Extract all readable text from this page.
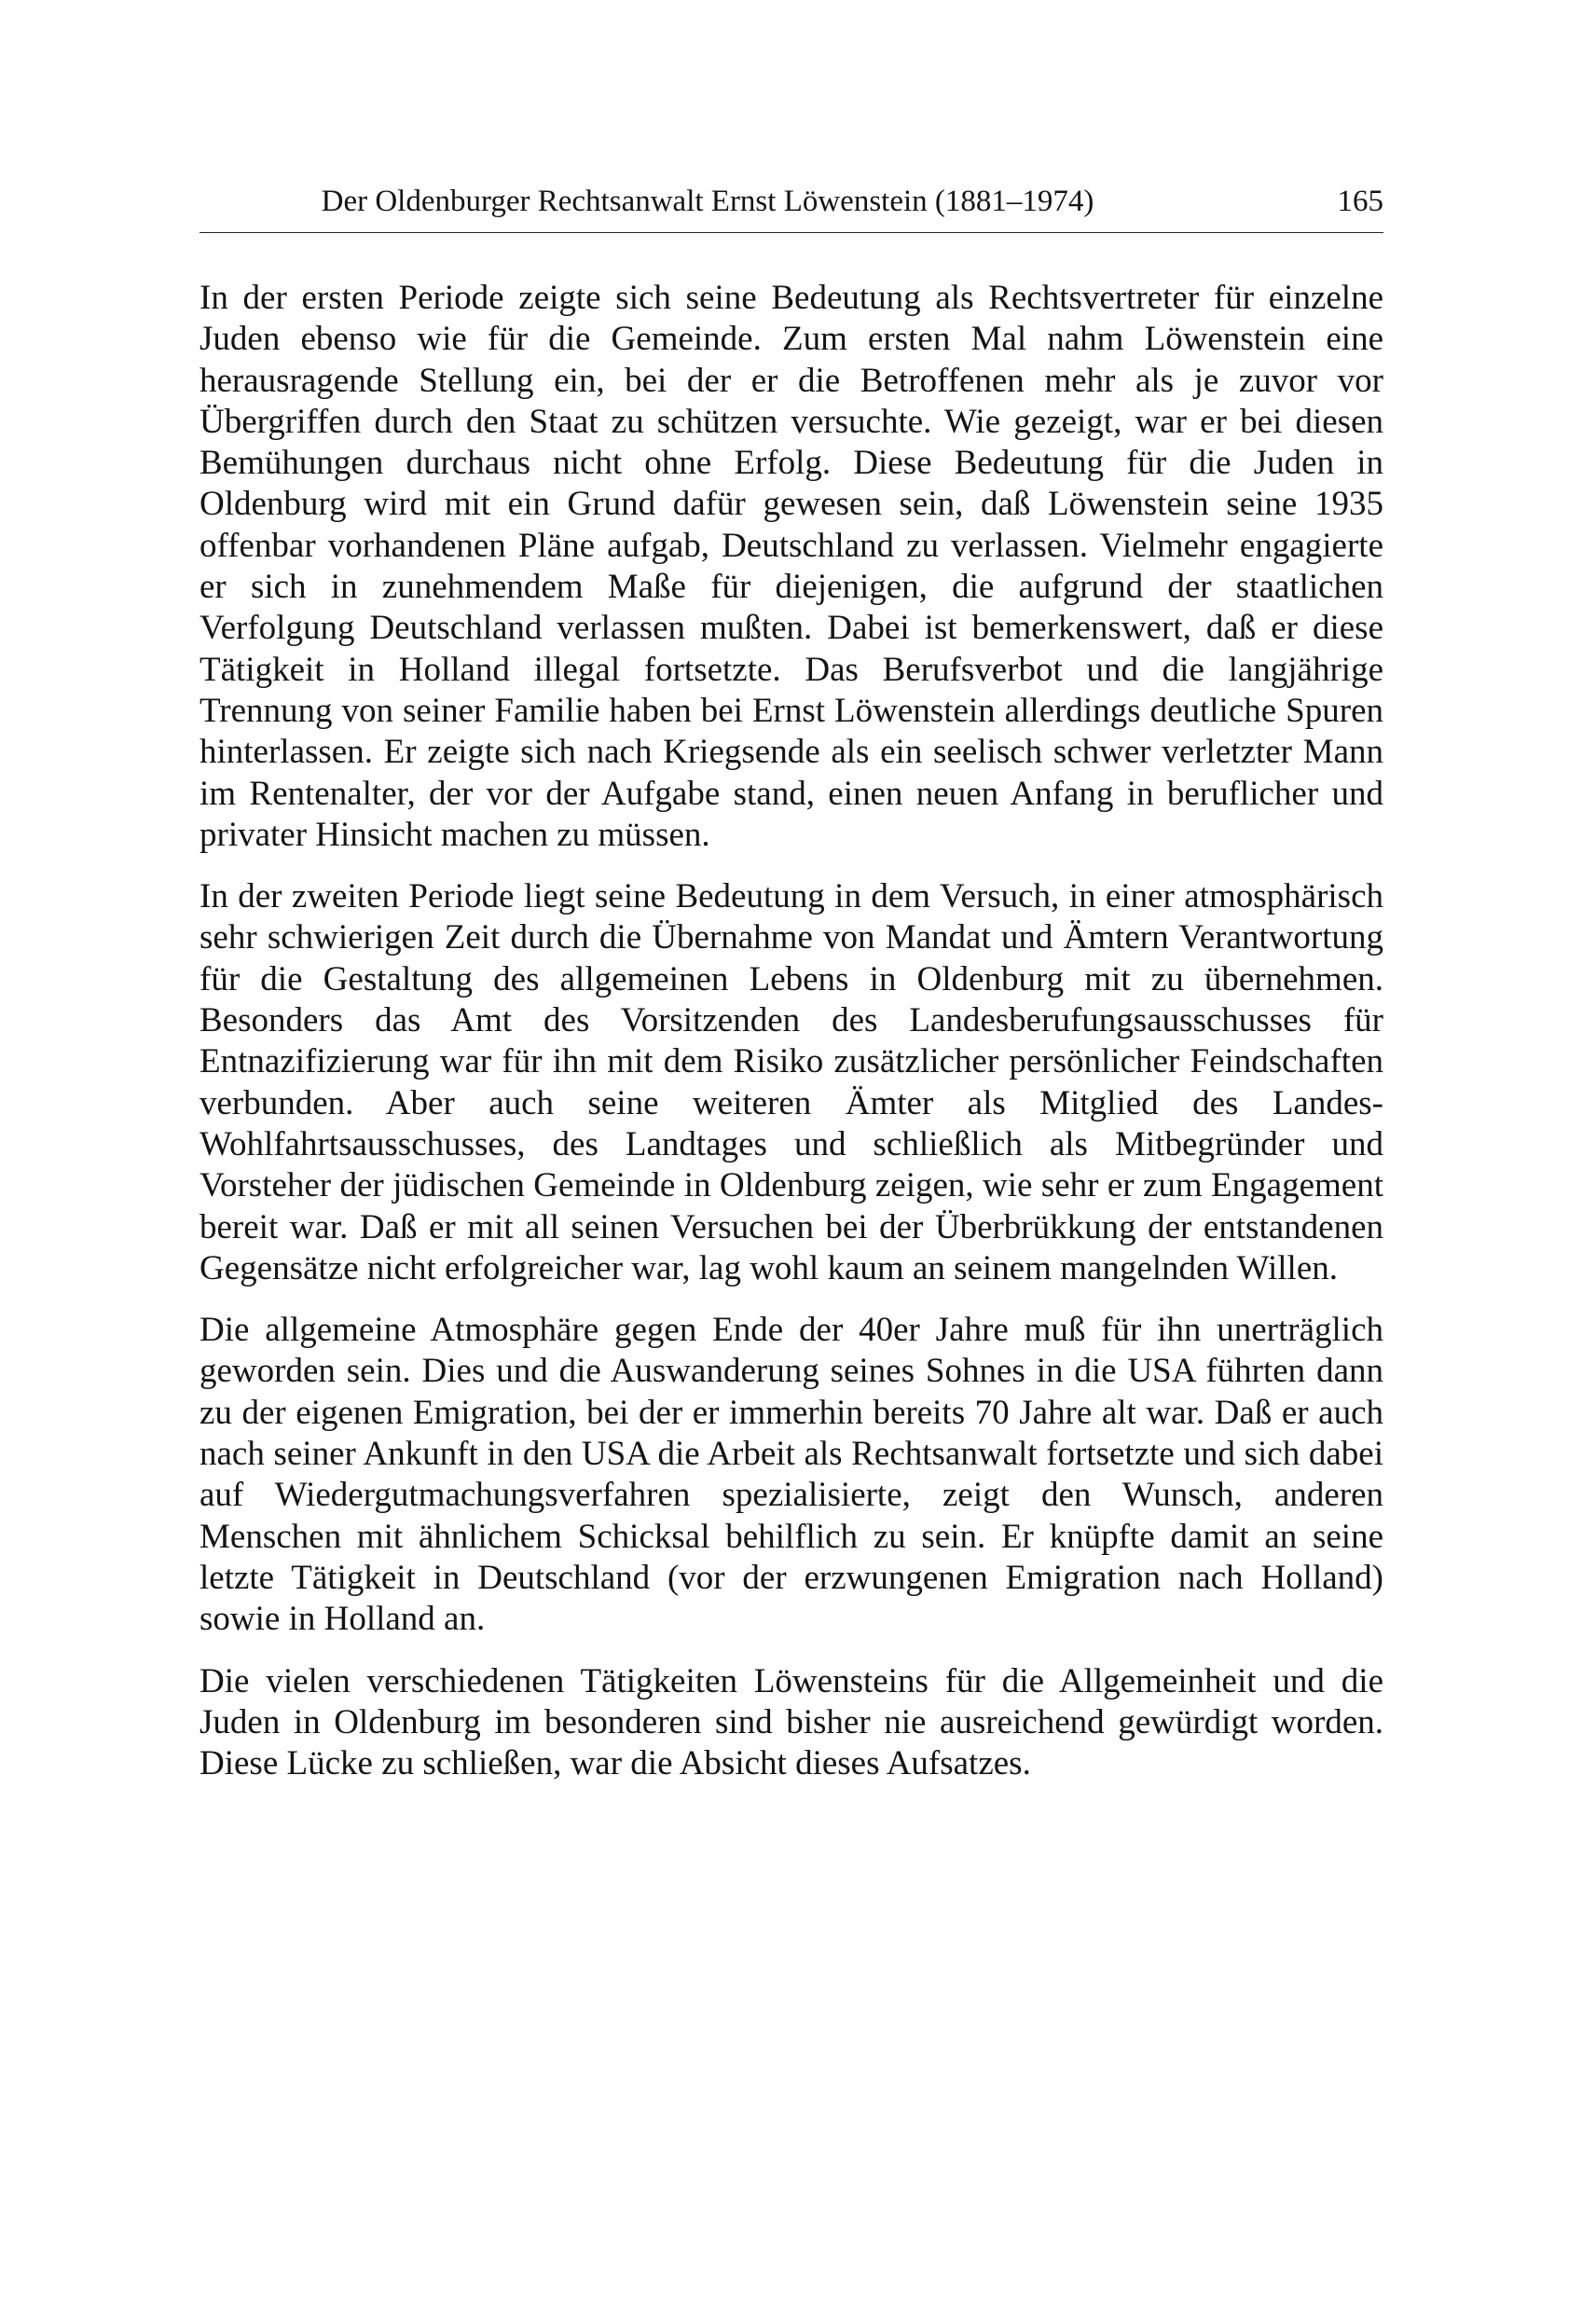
Der Oldenburger Rechtsanwalt Ernst Löwenstein (1881–1974)	165

In der ersten Periode zeigte sich seine Bedeutung als Rechtsvertreter für einzelne Juden ebenso wie für die Gemeinde. Zum ersten Mal nahm Löwenstein eine herausragende Stellung ein, bei der er die Betroffenen mehr als je zuvor vor Übergriffen durch den Staat zu schützen versuchte. Wie gezeigt, war er bei diesen Bemühungen durchaus nicht ohne Erfolg. Diese Bedeutung für die Juden in Oldenburg wird mit ein Grund dafür gewesen sein, daß Löwenstein seine 1935 offenbar vorhandenen Pläne aufgab, Deutschland zu verlassen. Vielmehr engagierte er sich in zunehmendem Maße für diejenigen, die aufgrund der staatlichen Verfolgung Deutschland verlassen mußten. Dabei ist bemerkenswert, daß er diese Tätigkeit in Holland illegal fortsetzte. Das Berufsverbot und die langjährige Trennung von seiner Familie haben bei Ernst Löwenstein allerdings deutliche Spuren hinterlassen. Er zeigte sich nach Kriegsende als ein seelisch schwer verletzter Mann im Rentenalter, der vor der Aufgabe stand, einen neuen Anfang in beruflicher und privater Hinsicht machen zu müssen.

In der zweiten Periode liegt seine Bedeutung in dem Versuch, in einer atmosphärisch sehr schwierigen Zeit durch die Übernahme von Mandat und Ämtern Verantwortung für die Gestaltung des allgemeinen Lebens in Oldenburg mit zu übernehmen. Besonders das Amt des Vorsitzenden des Landesberufungsausschusses für Entnazifizierung war für ihn mit dem Risiko zusätzlicher persönlicher Feindschaften verbunden. Aber auch seine weiteren Ämter als Mitglied des Landes-Wohlfahrtsausschusses, des Landtages und schließlich als Mitbegründer und Vorsteher der jüdischen Gemeinde in Oldenburg zeigen, wie sehr er zum Engagement bereit war. Daß er mit all seinen Versuchen bei der Überbrükkung der entstandenen Gegensätze nicht erfolgreicher war, lag wohl kaum an seinem mangelnden Willen.

Die allgemeine Atmosphäre gegen Ende der 40er Jahre muß für ihn unerträglich geworden sein. Dies und die Auswanderung seines Sohnes in die USA führten dann zu der eigenen Emigration, bei der er immerhin bereits 70 Jahre alt war. Daß er auch nach seiner Ankunft in den USA die Arbeit als Rechtsanwalt fortsetzte und sich dabei auf Wiedergutmachungsverfahren spezialisierte, zeigt den Wunsch, anderen Menschen mit ähnlichem Schicksal behilflich zu sein. Er knüpfte damit an seine letzte Tätigkeit in Deutschland (vor der erzwungenen Emigration nach Holland) sowie in Holland an.

Die vielen verschiedenen Tätigkeiten Löwensteins für die Allgemeinheit und die Juden in Oldenburg im besonderen sind bisher nie ausreichend gewürdigt worden. Diese Lücke zu schließen, war die Absicht dieses Aufsatzes.
